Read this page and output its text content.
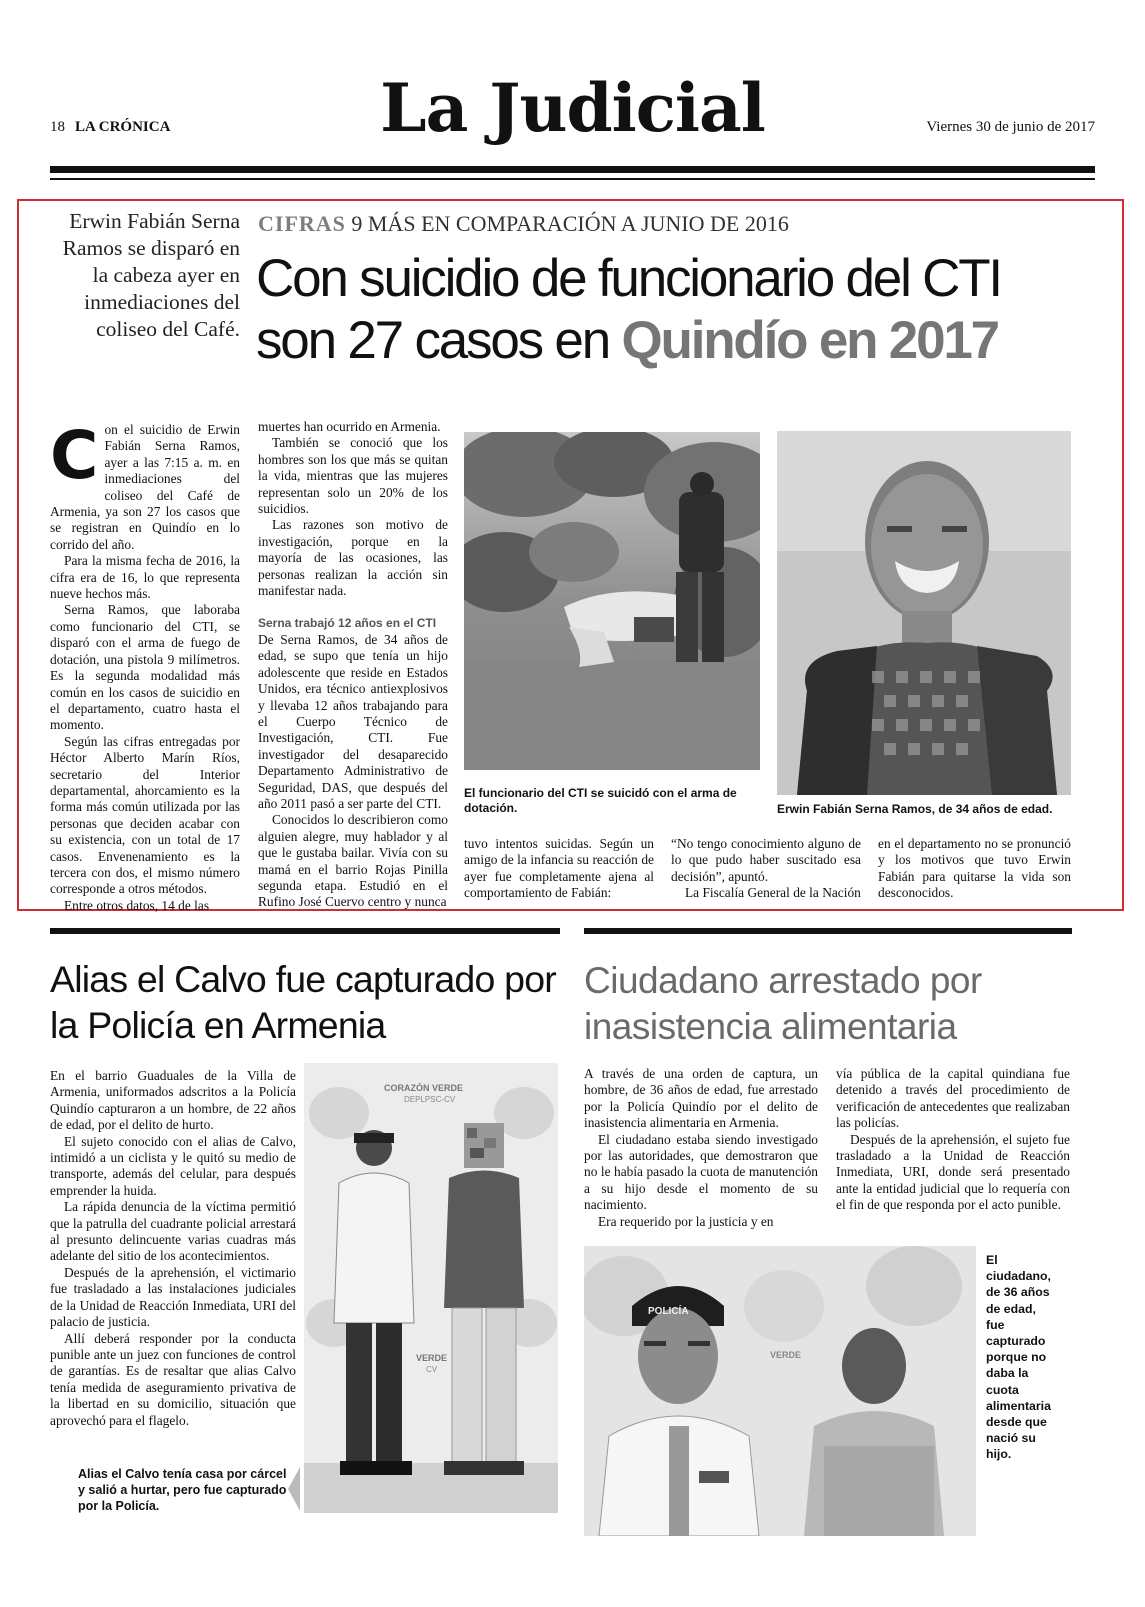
18 LA CRÓNICA	La Judicial	Viernes 30 de junio de 2017
Erwin Fabián Serna Ramos se disparó en la cabeza ayer en inmediaciones del coliseo del Café.
CIFRAS 9 MÁS EN COMPARACIÓN A JUNIO DE 2016
Con suicidio de funcionario del CTI
son 27 casos en Quindío en 2017
C on el suicidio de Erwin Fabián Serna Ramos, ayer a las 7:15 a. m. en inmediaciones del coliseo del Café de Armenia, ya son 27 los casos que se registran en Quindío en lo corrido del año.

Para la misma fecha de 2016, la cifra era de 16, lo que representa nueve hechos más.

Serna Ramos, que laboraba como funcionario del CTI, se disparó con el arma de fuego de dotación, una pistola 9 milímetros. Es la segunda modalidad más común en los casos de suicidio en el departamento, cuatro hasta el momento.

Según las cifras entregadas por Héctor Alberto Marín Ríos, secretario del Interior departamental, ahorcamiento es la forma más común utilizada por las personas que deciden acabar con su existencia, con un total de 17 casos. Envenenamiento es la tercera con dos, el mismo número corresponde a otros métodos.

Entre otros datos, 14 de las

muertes han ocurrido en Armenia.

También se conoció que los hombres son los que más se quitan la vida, mientras que las mujeres representan solo un 20% de los suicidios.

Las razones son motivo de investigación, porque en la mayoría de las ocasiones, las personas realizan la acción sin manifestar nada.

Serna trabajó 12 años en el CTI

De Serna Ramos, de 34 años de edad, se supo que tenía un hijo adolescente que reside en Estados Unidos, era técnico antiexplosivos y llevaba 12 años trabajando para el Cuerpo Técnico de Investigación, CTI. Fue investigador del desaparecido Departamento Administrativo de Seguridad, DAS, que después del año 2011 pasó a ser parte del CTI.

Conocidos lo describieron como alguien alegre, muy hablador y al que le gustaba bailar. Vivía con su mamá en el barrio Rojas Pinilla segunda etapa. Estudió en el Rufino José Cuervo centro y nunca

El funcionario del CTI se suicidó con el arma de dotación.	Erwin Fabián Serna Ramos, de 34 años de edad.

tuvo intentos suicidas. Según un amigo de la infancia su reacción de ayer fue completamente ajena al comportamiento de Fabián:

“No tengo conocimiento alguno de lo que pudo haber suscitado esa decisión”, apuntó.

La Fiscalía General de la Nación

en el departamento no se pronunció y los motivos que tuvo Erwin Fabián para quitarse la vida son desconocidos.

Alias el Calvo fue capturado por la Policía en Armenia

En el barrio Guaduales de la Villa de Armenia, uniformados adscritos a la Policía Quindío capturaron a un hombre, de 22 años de edad, por el delito de hurto.

El sujeto conocido con el alias de Calvo, intimidó a un ciclista y le quitó su medio de transporte, además del celular, para después emprender la huida.

La rápida denuncia de la víctima permitió que la patrulla del cuadrante policial arrestará al presunto delincuente varias cuadras más adelante del sitio de los acontecimientos.

Después de la aprehensión, el victimario fue trasladado a las instalaciones judiciales de la Unidad de Reacción Inmediata, URI del palacio de justicia.

Allí deberá responder por la conducta punible ante un juez con funciones de control de garantías. Es de resaltar que alias Calvo tenía medida de aseguramiento privativa de la libertad en su domicilio, situación que aprovechó para el flagelo.

CORAZÓN VERDE
DEPLPSC-CV
VERDE
CV
Alias el Calvo tenía casa por cárcel y salió a hurtar, pero fue capturado por la Policía.
Ciudadano arrestado por inasistencia alimentaria

A través de una orden de captura, un hombre, de 36 años de edad, fue arrestado por la Policía Quindío por el delito de inasistencia alimentaria en Armenia.

El ciudadano estaba siendo investigado por las autoridades, que demostraron que no le había pasado la cuota de manutención a su hijo desde el momento de su nacimiento.

Era requerido por la justicia y en

vía pública de la capital quindiana fue detenido a través del procedimiento de verificación de antecedentes que realizaban las policías.

Después de la aprehensión, el sujeto fue trasladado a la Unidad de Reacción Inmediata, URI, donde será presentado ante la entidad judicial que lo requería con el fin de que responda por el acto punible.

POLICÍA
VERDE
El ciudadano, de 36 años de edad, fue capturado porque no daba la cuota alimentaria desde que nació su hijo.
